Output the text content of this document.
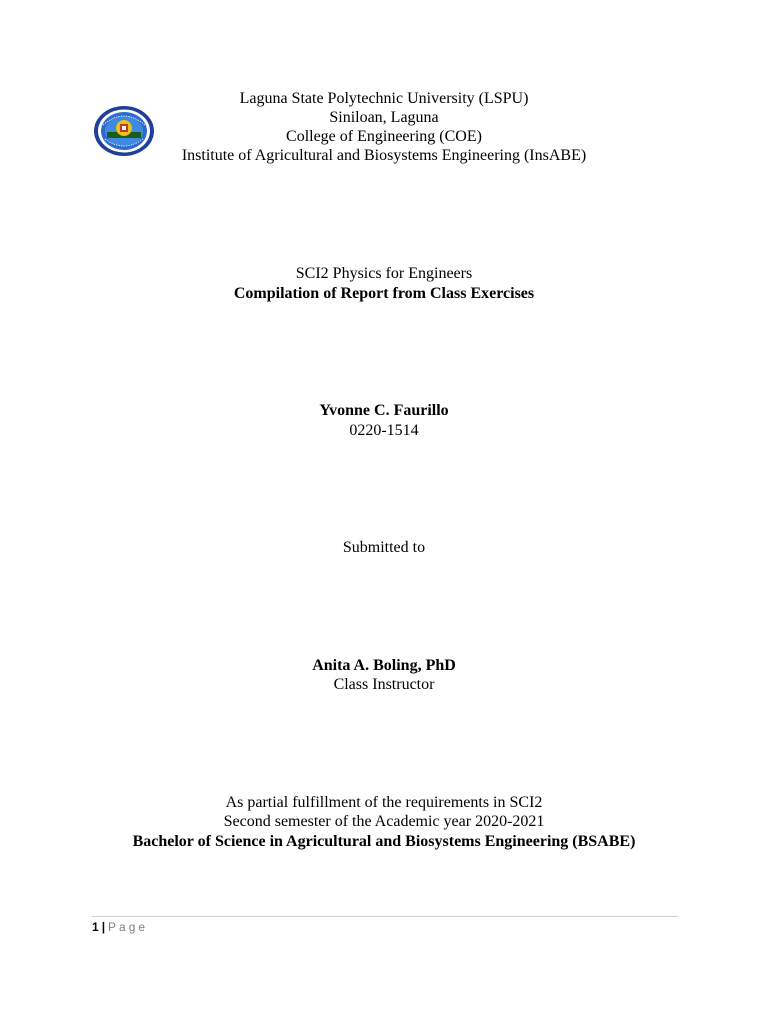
Laguna State Polytechnic University (LSPU)
Siniloan, Laguna
College of Engineering (COE)
Institute of Agricultural and Biosystems Engineering (InsABE)
SCI2 Physics for Engineers
Compilation of Report from Class Exercises
Yvonne C. Faurillo
0220-1514
Submitted to
Anita A. Boling, PhD
Class Instructor
As partial fulfillment of the requirements in SCI2
Second semester of the Academic year 2020-2021
Bachelor of Science in Agricultural and Biosystems Engineering (BSABE)
1 | Page
